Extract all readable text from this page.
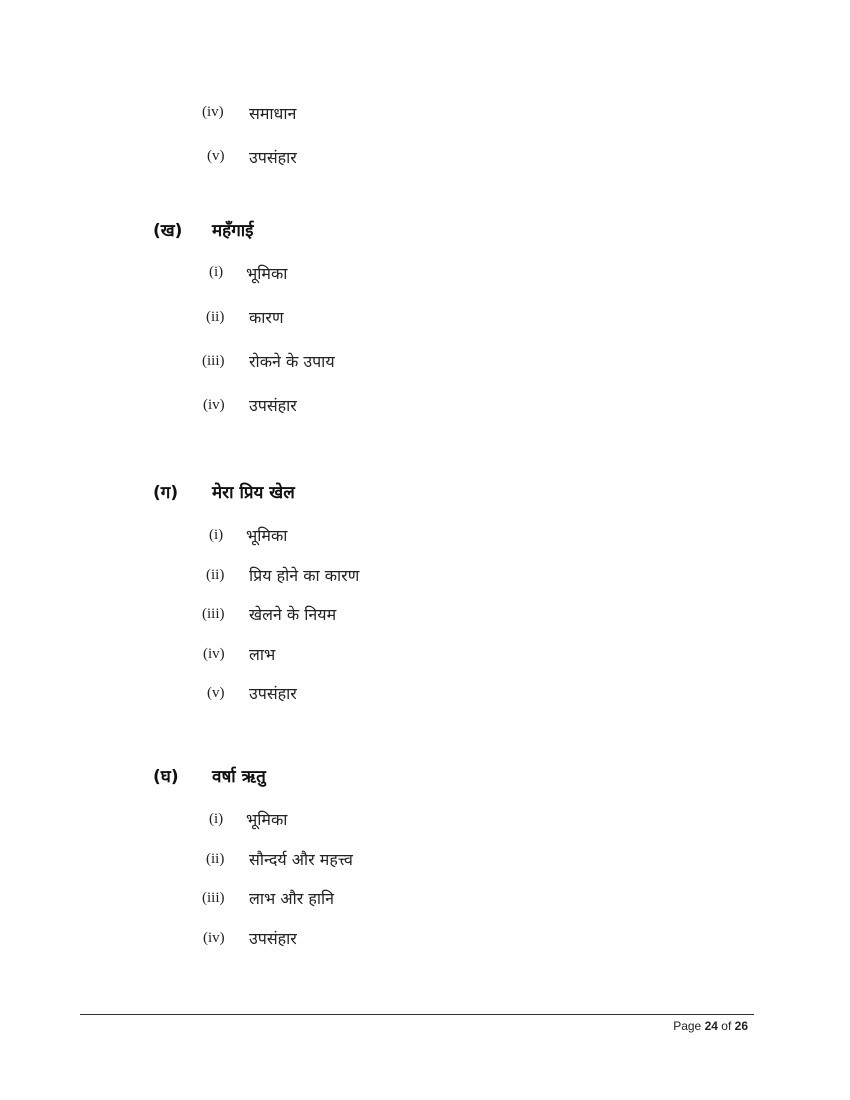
(iv) समाधान
(v) उपसंहार
(ख) महँगाई
(i) भूमिका
(ii) कारण
(iii) रोकने के उपाय
(iv) उपसंहार
(ग) मेरा प्रिय खेल
(i) भूमिका
(ii) प्रिय होने का कारण
(iii) खेलने के नियम
(iv) लाभ
(v) उपसंहार
(घ) वर्षा ऋतु
(i) भूमिका
(ii) सौन्दर्य और महत्त्व
(iii) लाभ और हानि
(iv) उपसंहार
Page 24 of 26
